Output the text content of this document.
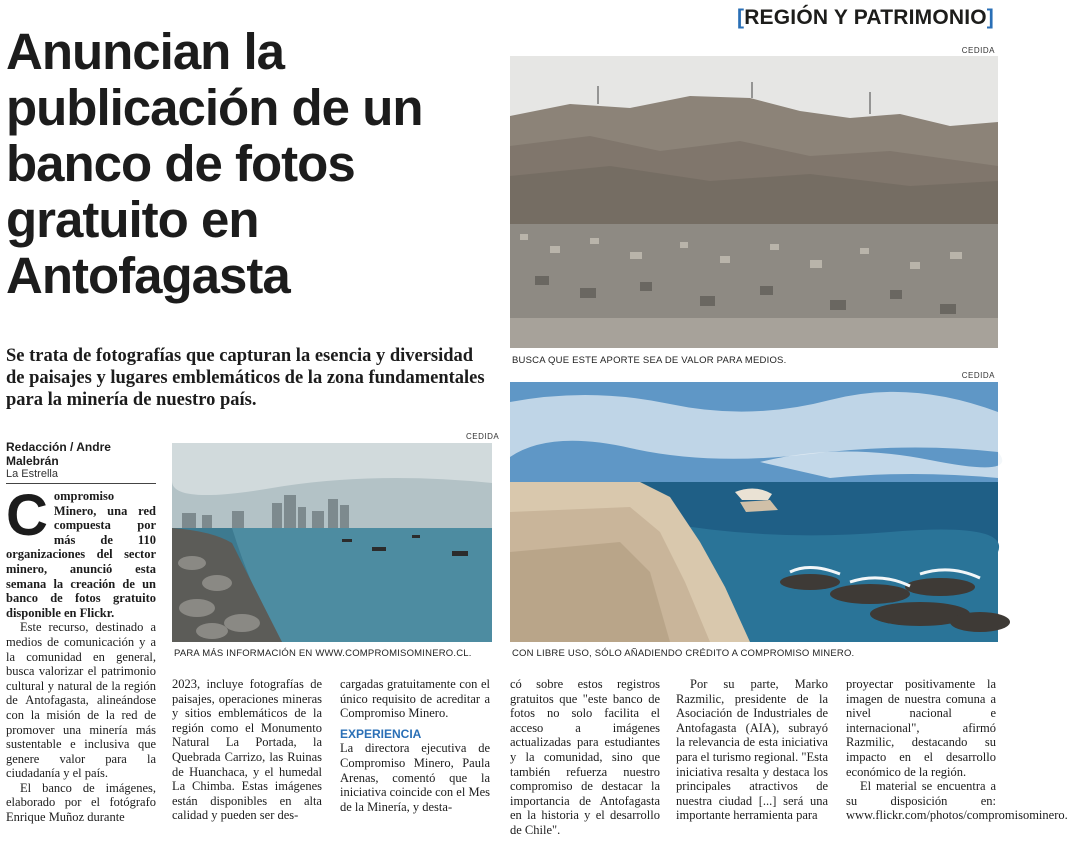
[REGIÓN Y PATRIMONIO]
Anuncian la publicación de un banco de fotos gratuito en Antofagasta
Se trata de fotografías que capturan la esencia y diversidad de paisajes y lugares emblemáticos de la zona fundamentales para la minería de nuestro país.
Redacción / Andre Malebrán
La Estrella
CEDIDA
BUSCA QUE ESTE APORTE SEA DE VALOR PARA MEDIOS.
CEDIDA
CON LIBRE USO, SÓLO AÑADIENDO CRÉDITO A COMPROMISO MINERO.
CEDIDA
PARA MÁS INFORMACIÓN EN WWW.COMPROMISOMINERO.CL.

Compromiso Minero, una red compuesta por más de 110 organizaciones del sector minero, anunció esta semana la creación de un banco de fotos gratuito disponible en Flickr.

Este recurso, destinado a medios de comunicación y a la comunidad en general, busca valorizar el patrimonio cultural y natural de la región de Antofagasta, alineándose con la misión de la red de promover una minería más sustentable e inclusiva que genere valor para la ciudadanía y el país.

El banco de imágenes, elaborado por el fotógrafo Enrique Muñoz durante

2023, incluye fotografías de paisajes, operaciones mineras y sitios emblemáticos de la región como el Monumento Natural La Portada, la Quebrada Carrizo, las Ruinas de Huanchaca, y el humedal La Chimba. Estas imágenes están disponibles en alta calidad y pueden ser des-

cargadas gratuitamente con el único requisito de acreditar a Compromiso Minero.

EXPERIENCIA

La directora ejecutiva de Compromiso Minero, Paula Arenas, comentó que la iniciativa coincide con el Mes de la Minería, y desta-

có sobre estos registros gratuitos que "este banco de fotos no solo facilita el acceso a imágenes actualizadas para estudiantes y la comunidad, sino que también refuerza nuestro compromiso de destacar la importancia de Antofagasta en la historia y el desarrollo de Chile".

Por su parte, Marko Razmilic, presidente de la Asociación de Industriales de Antofagasta (AIA), subrayó la relevancia de esta iniciativa para el turismo regional. "Esta iniciativa resalta y destaca los principales atractivos de nuestra ciudad [...] será una importante herramienta para

proyectar positivamente la imagen de nuestra comuna a nivel nacional e internacional", afirmó Razmilic, destacando su impacto en el desarrollo económico de la región.

El material se encuentra a su disposición en: www.flickr.com/photos/compromisominero.
